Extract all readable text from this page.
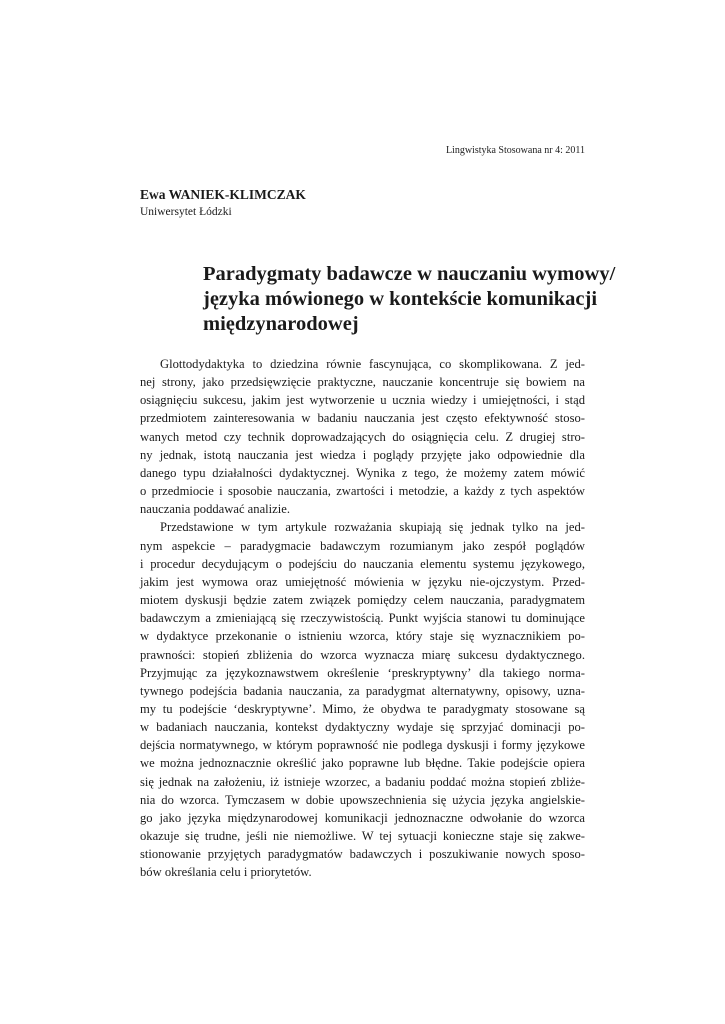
Lingwistyka Stosowana nr 4: 2011
Ewa WANIEK-KLIMCZAK
Uniwersytet Łódzki
Paradygmaty badawcze w nauczaniu wymowy/
języka mówionego w kontekście komunikacji
międzynarodowej

Glottodydaktyka to dziedzina równie fascynująca, co skomplikowana. Z jed-
nej strony, jako przedsięwzięcie praktyczne, nauczanie koncentruje się bowiem na
osiągnięciu sukcesu, jakim jest wytworzenie u ucznia wiedzy i umiejętności, i stąd
przedmiotem zainteresowania w badaniu nauczania jest często efektywność stoso-
wanych metod czy technik doprowadzających do osiągnięcia celu. Z drugiej stro-
ny jednak, istotą nauczania jest wiedza i poglądy przyjęte jako odpowiednie dla
danego typu działalności dydaktycznej. Wynika z tego, że możemy zatem mówić
o przedmiocie i sposobie nauczania, zwartości i metodzie, a każdy z tych aspektów
nauczania poddawać analizie.

Przedstawione w tym artykule rozważania skupiają się jednak tylko na jed-
nym aspekcie – paradygmacie badawczym rozumianym jako zespół poglądów
i procedur decydującym o podejściu do nauczania elementu systemu językowego,
jakim jest wymowa oraz umiejętność mówienia w języku nie-ojczystym. Przed-
miotem dyskusji będzie zatem związek pomiędzy celem nauczania, paradygmatem
badawczym a zmieniającą się rzeczywistością. Punkt wyjścia stanowi tu dominujące
w dydaktyce przekonanie o istnieniu wzorca, który staje się wyznacznikiem po-
prawności: stopień zbliżenia do wzorca wyznacza miarę sukcesu dydaktycznego.
Przyjmując za językoznawstwem określenie ‘preskryptywny’ dla takiego norma-
tywnego podejścia badania nauczania, za paradygmat alternatywny, opisowy, uzna-
my tu podejście ‘deskryptywne’. Mimo, że obydwa te paradygmaty stosowane są
w badaniach nauczania, kontekst dydaktyczny wydaje się sprzyjać dominacji po-
dejścia normatywnego, w którym poprawność nie podlega dyskusji i formy językowe
we można jednoznacznie określić jako poprawne lub błędne. Takie podejście opiera
się jednak na założeniu, iż istnieje wzorzec, a badaniu poddać można stopień zbliże-
nia do wzorca. Tymczasem w dobie upowszechnienia się użycia języka angielskie-
go jako języka międzynarodowej komunikacji jednoznaczne odwołanie do wzorca
okazuje się trudne, jeśli nie niemożliwe. W tej sytuacji konieczne staje się zakwe-
stionowanie przyjętych paradygmatów badawczych i poszukiwanie nowych sposo-
bów określania celu i priorytetów.
